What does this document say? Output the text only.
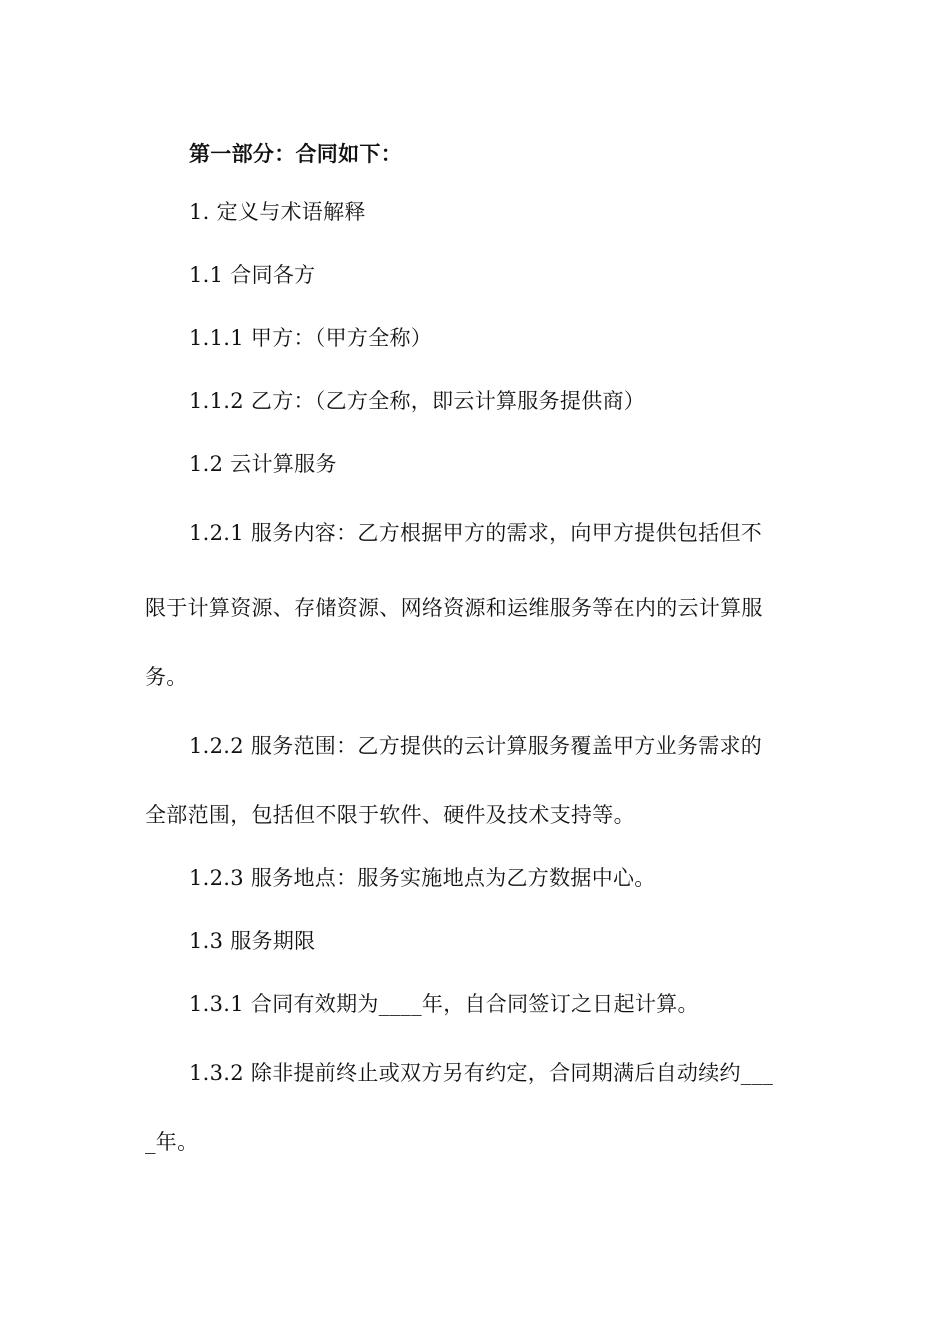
第一部分：合同如下：
1. 定义与术语解释
1.1 合同各方
1.1.1 甲方：（甲方全称）
1.1.2 乙方：（乙方全称，即云计算服务提供商）
1.2 云计算服务
1.2.1 服务内容：乙方根据甲方的需求，向甲方提供包括但不
限于计算资源、存储资源、网络资源和运维服务等在内的云计算服
务。
1.2.2 服务范围：乙方提供的云计算服务覆盖甲方业务需求的
全部范围，包括但不限于软件、硬件及技术支持等。
1.2.3 服务地点：服务实施地点为乙方数据中心。
1.3 服务期限
1.3.1 合同有效期为____年，自合同签订之日起计算。
1.3.2 除非提前终止或双方另有约定，合同期满后自动续约___
_年。
